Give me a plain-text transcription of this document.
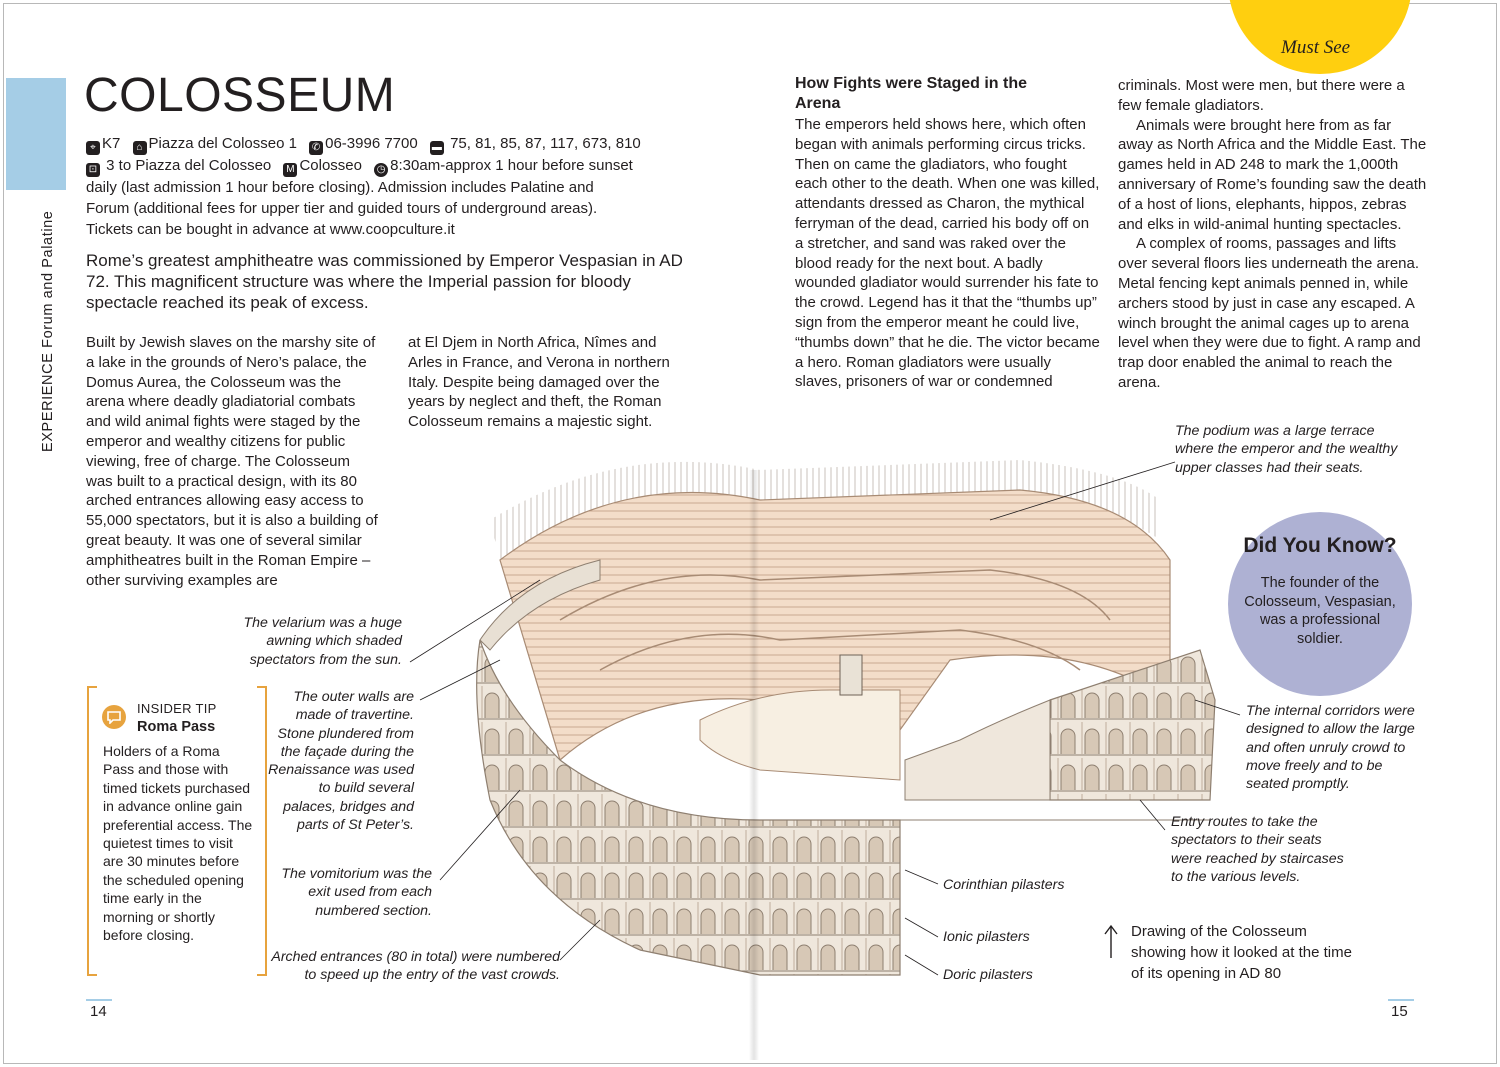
Must See
EXPERIENCE Forum and Palatine
COLOSSEUM
⌖ K7 ⌂ Piazza del Colosseo 1 ✆ 06-3996 7700 ▬ 75, 81, 85, 87, 117, 673, 810
⊡ 3 to Piazza del Colosseo M Colosseo ◷ 8:30am-approx 1 hour before sunset
daily (last admission 1 hour before closing). Admission includes Palatine and
Forum (additional fees for upper tier and guided tours of underground areas).
Tickets can be bought in advance at www.coopculture.it
Rome’s greatest amphitheatre was commissioned by Emperor Vespasian in AD 72. This magnificent structure was where the Imperial passion for bloody spectacle reached its peak of excess.

Built by Jewish slaves on the marshy site of a lake in the grounds of Nero’s palace, the Domus Aurea, the Colosseum was the arena where deadly gladiatorial combats and wild animal fights were staged by the emperor and wealthy citizens for public viewing, free of charge. The Colosseum was built to a practical design, with its 80 arched entrances allowing easy access to 55,000 spectators, but it is also a building of great beauty. It was one of several similar amphitheatres built in the Roman Empire – other surviving examples are

at El Djem in North Africa, Nîmes and Arles in France, and Verona in northern Italy. Despite being damaged over the years by neglect and theft, the Roman Colosseum remains a majestic sight.

How Fights were Staged in the Arena

The emperors held shows here, which often began with animals performing circus tricks. Then on came the gladiators, who fought each other to the death. When one was killed, attendants dressed as Charon, the mythical ferryman of the dead, carried his body off on a stretcher, and sand was raked over the blood ready for the next bout. A badly wounded gladiator would surrender his fate to the crowd. Legend has it that the “thumbs up” sign from the emperor meant he could live, “thumbs down” that he die. The victor became a hero. Roman gladiators were usually slaves, prisoners of war or condemned

criminals. Most were men, but there were a few female gladiators.

Animals were brought here from as far away as North Africa and the Middle East. The games held in AD 248 to mark the 1,000th anniversary of Rome’s founding saw the death of a host of lions, elephants, hippos, zebras and elks in wild-animal hunting spectacles.

A complex of rooms, passages and lifts over several floors lies underneath the arena. Metal fencing kept animals penned in, while archers stood by just in case any escaped. A winch brought the animal cages up to arena level when they were due to fight. A ramp and trap door enabled the animal to reach the arena.

Did You Know?
The founder of the Colosseum, Vespasian, was a professional soldier.
INSIDER TIP
Roma Pass
Holders of a Roma Pass and those with timed tickets purchased in advance online gain preferential access. The quietest times to visit are 30 minutes before the scheduled opening time early in the morning or shortly before closing.
The velarium was a huge awning which shaded spectators from the sun.
The outer walls are made of travertine. Stone plundered from the façade during the Renaissance was used to build several palaces, bridges and parts of St Peter’s.
The vomitorium was the exit used from each numbered section.
Arched entrances (80 in total) were numbered to speed up the entry of the vast crowds.
The podium was a large terrace where the emperor and the wealthy upper classes had their seats.
The internal corridors were designed to allow the large and often unruly crowd to move freely and to be seated promptly.
Entry routes to take the spectators to their seats were reached by staircases to the various levels.
Corinthian pilasters
Ionic pilasters
Doric pilasters
Drawing of the Colosseum showing how it looked at the time of its opening in AD 80
14	15
